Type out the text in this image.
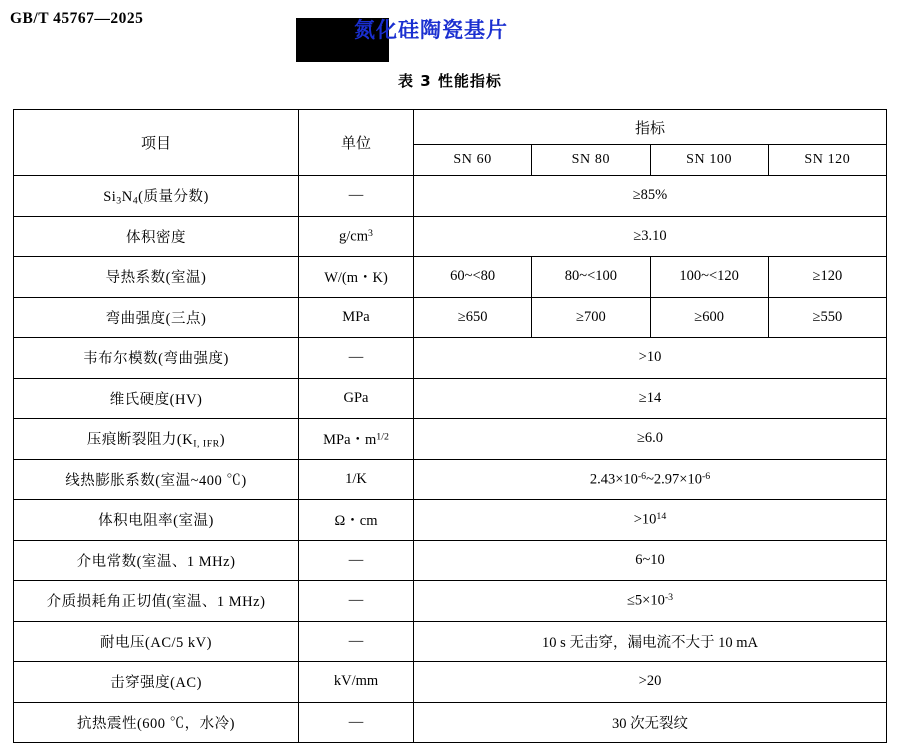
GB/T 45767—2025	氮化硅陶瓷基片
表 3 性能指标
项目	单位	指标			
		SN 60	SN 80	SN 100	SN 120
$Si_3N_4$(质量分数)	—	≥85%			
体积密度	$g/cm^3$	≥3.10			
导热系数(室温)	W/(m・K)	60~<80	80~<100	100~<120	≥120
弯曲强度(三点)	MPa	≥650	≥700	≥600	≥550
韦布尔模数(弯曲强度)	—	>10			
维氏硬度(HV)	GPa	≥14			
压痕断裂阻力$(K_{I, IFR})$	MPa・$m^{1/2}$	≥6.0			
线热膨胀系数(室温~400 ℃)	1/K	$2.43\times 10^{-6}\sim 2.97\times 10^{-6}$
体积电阻率(室温)	Ω・cm	$>10^{14}$
介电常数(室温、1 MHz)	—	6~10			
介质损耗角正切值(室温、1 MHz)	—	$\le 5\times 10^{-3}$
耐电压(AC/5 kV)	—	10 s 无击穿，漏电流不大于 10 mA			
击穿强度(AC)	kV/mm	>20			
抗热震性(600 ℃，水冷)	—	30 次无裂纹			
